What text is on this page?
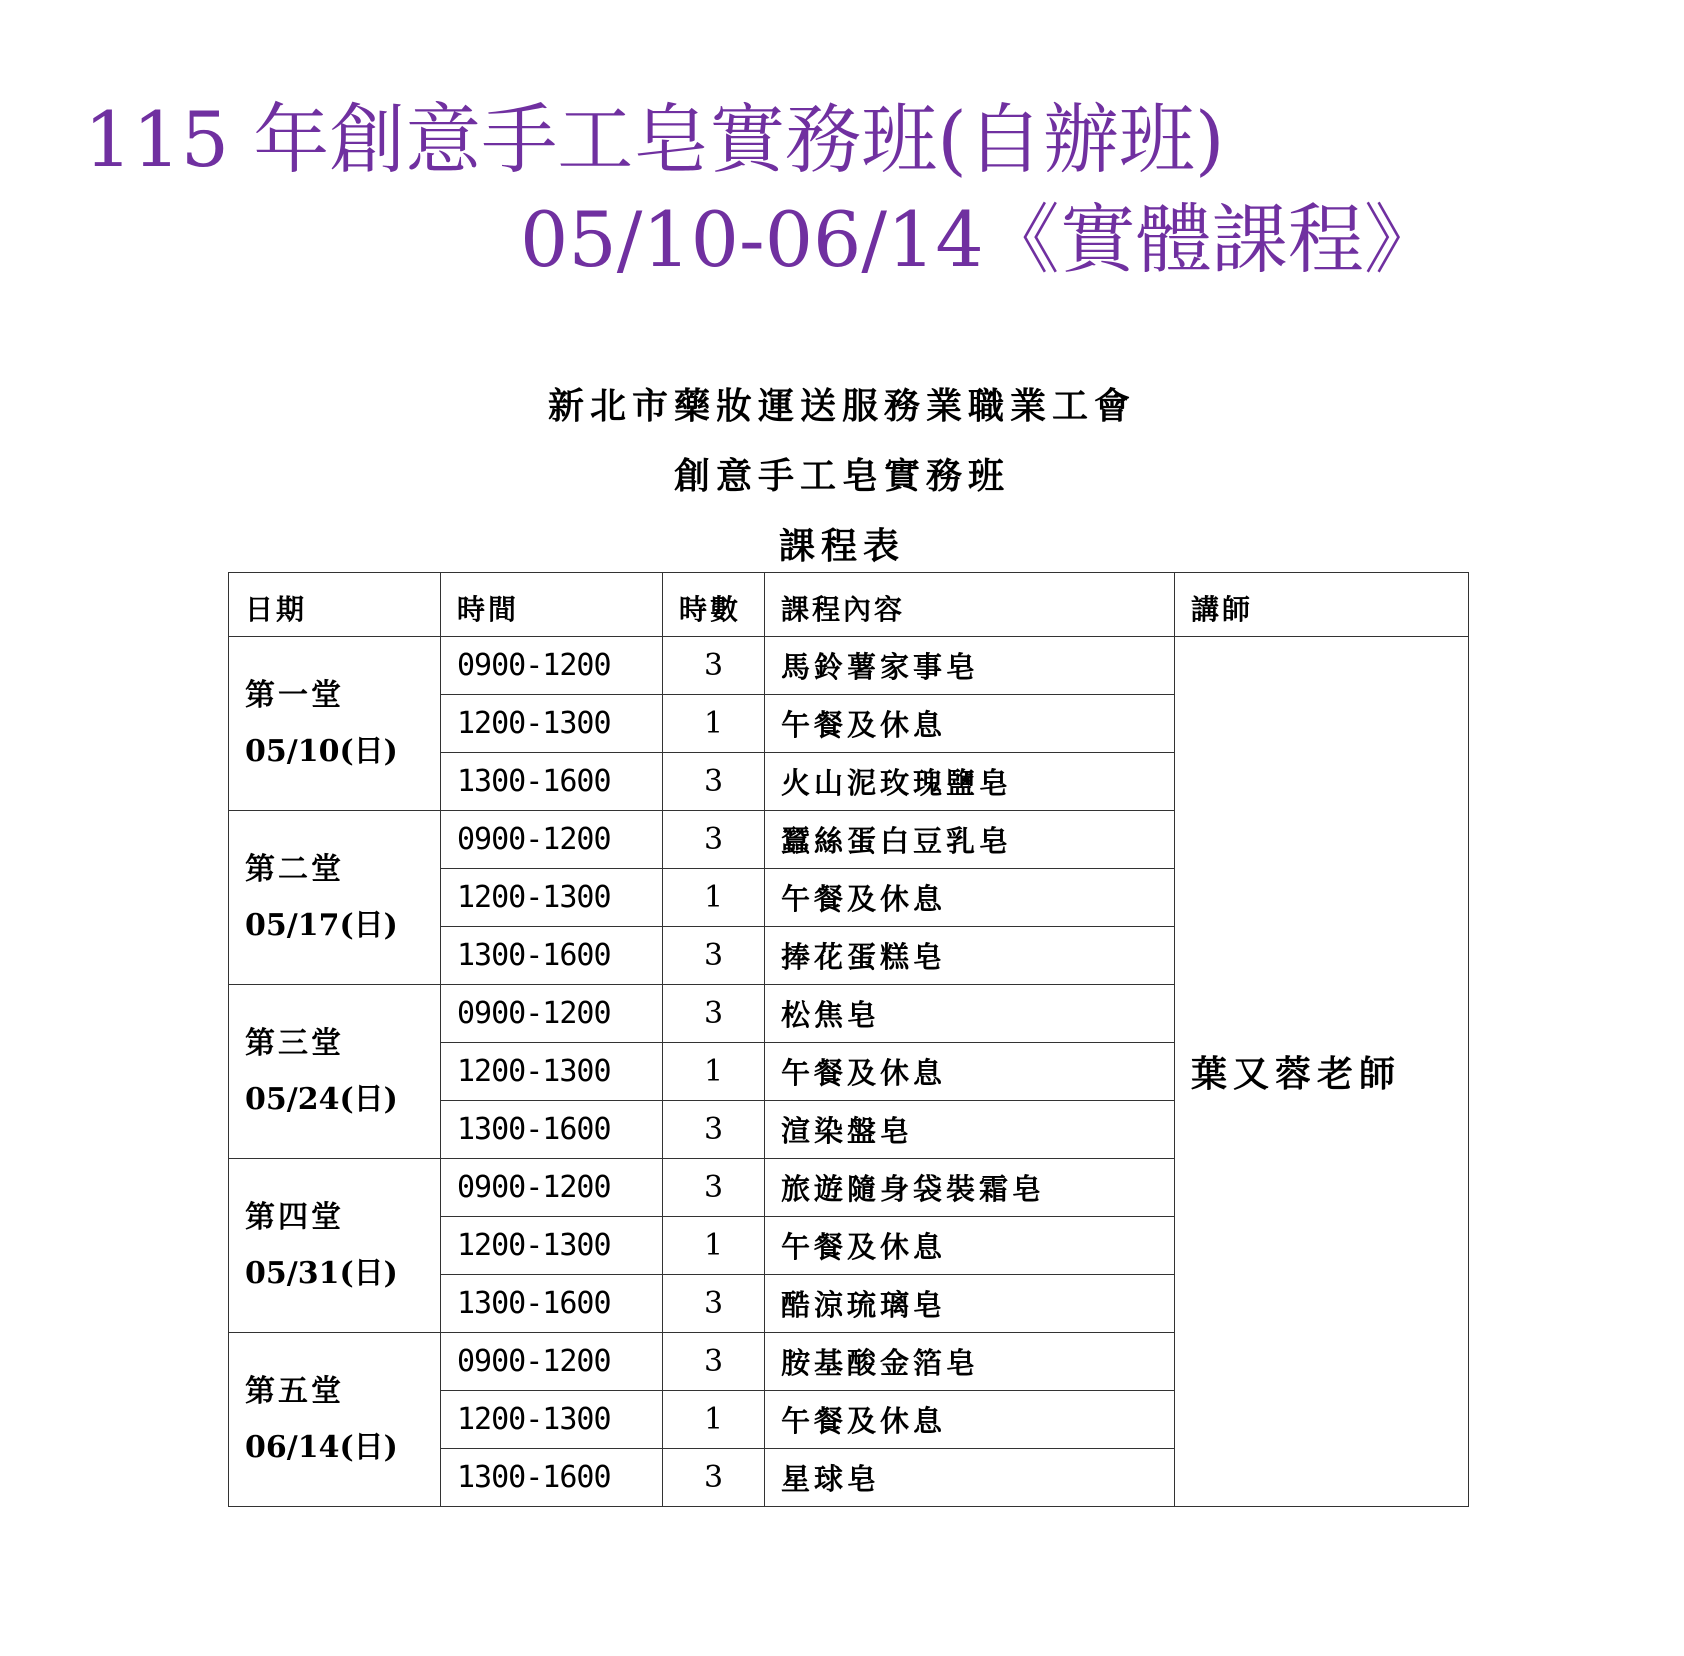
115 年創意手工皂實務班(自辦班)
05/10-06/14《實體課程》
新北市藥妝運送服務業職業工會
創意手工皂實務班
課程表
日期	時間	時數	課程內容	講師

第一堂
05/10(日)	0900-1200	3	馬鈴薯家事皂	葉又蓉老師
	1200-1300	1	午餐及休息	
	1300-1600	3	火山泥玫瑰鹽皂	

第二堂
05/17(日)	0900-1200	3	蠶絲蛋白豆乳皂	
	1200-1300	1	午餐及休息	
	1300-1600	3	捧花蛋糕皂	

第三堂
05/24(日)	0900-1200	3	松焦皂	
	1200-1300	1	午餐及休息	
	1300-1600	3	渲染盤皂	

第四堂
05/31(日)	0900-1200	3	旅遊隨身袋裝霜皂	
	1200-1300	1	午餐及休息	
	1300-1600	3	酷涼琉璃皂	

第五堂
06/14(日)	0900-1200	3	胺基酸金箔皂	
	1200-1300	1	午餐及休息	
	1300-1600	3	星球皂	
